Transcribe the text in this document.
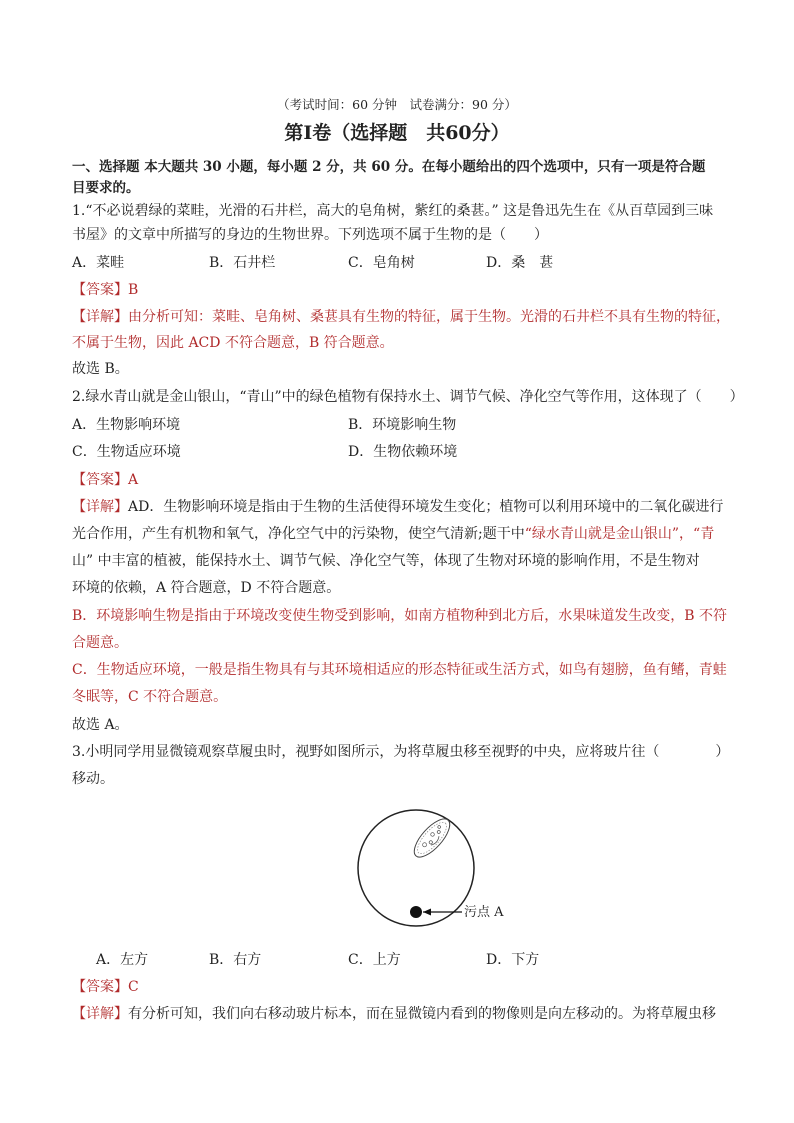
（考试时间：60 分钟　试卷满分：90 分）
第Ⅰ卷（选择题　共60分）
一、选择题 本大题共 30 小题，每小题 2 分，共 60 分。在每小题给出的四个选项中，只有一项是符合题
目要求的。
1.“不必说碧绿的菜畦，光滑的石井栏，高大的皂角树，紫红的桑葚。” 这是鲁迅先生在《从百草园到三味
书屋》的文章中所描写的身边的生物世界。下列选项不属于生物的是（　　）
A．菜畦	B．石井栏	C．皂角树	D．桑　葚
【答案】B
【详解】由分析可知：菜畦、皂角树、桑葚具有生物的特征，属于生物。光滑的石井栏不具有生物的特征，
不属于生物，因此 ACD 不符合题意，B 符合题意。
故选 B。
2.绿水青山就是金山银山，“青山”中的绿色植物有保持水土、调节气候、净化空气等作用，这体现了（　　）
A．生物影响环境	B．环境影响生物
C．生物适应环境	D．生物依赖环境
【答案】A
【详解】AD．生物影响环境是指由于生物的生活使得环境发生变化；植物可以利用环境中的二氧化碳进行
光合作用，产生有机物和氧气，净化空气中的污染物，使空气清新;题干中“绿水青山就是金山银山”，“青
山” 中丰富的植被，能保持水土、调节气候、净化空气等，体现了生物对环境的影响作用，不是生物对
环境的依赖，A 符合题意，D 不符合题意。
B．环境影响生物是指由于环境改变使生物受到影响，如南方植物种到北方后，水果味道发生改变，B 不符
合题意。
C．生物适应环境，一般是指生物具有与其环境相适应的形态特征或生活方式，如鸟有翅膀，鱼有鳍，青蛙
冬眠等，C 不符合题意。
故选 A。
3.小明同学用显微镜观察草履虫时，视野如图所示，为将草履虫移至视野的中央，应将玻片往（　　　　）
移动。
污点 A
A．左方	B．右方	C．上方	D．下方
【答案】C
【详解】有分析可知，我们向右移动玻片标本，而在显微镜内看到的物像则是向左移动的。为将草履虫移
